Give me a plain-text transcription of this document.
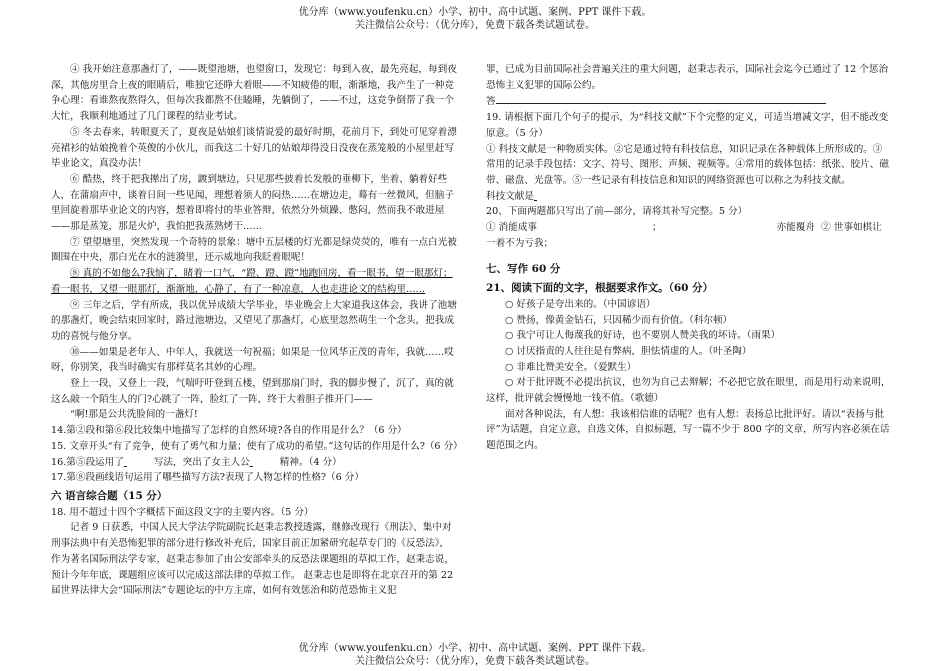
优分库（www.youfenku.cn）小学、初中、高中试题、案例、PPT 课件下载。
关注微信公众号：（优分库），免费下载各类试题试卷。

④ 我开始注意那盏灯了，——既望池塘，也望窗口，发现它：每到入夜，最先亮起，每到夜深，其他房里合上夜的眼睛后，唯独它还睁大着眼——不知疲倦的眼，渐渐地，我产生了一种竞争心理：看谁熬夜熬得久，但每次我都熬不住瞌睡，先躺倒了，——不过，这竞争倒帮了我一个大忙，我顺利地通过了几门课程的结业考试。

⑤ 冬去春来，转眼夏天了，夏夜是姑娘们谈情说爱的最好时期，花前月下，到处可见穿着漂亮裙衫的姑娘挽着个英俊的小伙儿，而我这二十好几的姑娘却得没日没夜在蒸笼般的小屋里赶写毕业论文，真没办法！

⑥ 酷热，终于把我撵出了房，踱到塘边，只见那些披着长发般的垂柳下，坐着、躺着好些人，在蒲扇声中，谈着日间一些见闻，理想着须人的闷热……在塘边走，蓦有一丝微风，但脑子里回旋着那毕业论文的内容，想着即将付的毕业答辩，依然分外烦躁、憋闷，然而我不敢进屋——那是蒸笼，那是火炉，我怕把我蒸熟烤干……

⑦ 望望塘里，突然发现一个奇特的景象：塘中五层楼的灯光都是绿荧荧的，唯有一点白光被圈围在中央，那白光在水的涟漪里，还示威地向我眨着眼呢！

⑧ 真的不如他么?我恼了，睹着一口气，“蹬、蹬、蹬”地跑回房，看一眼书，望一眼那灯；看一眼书，又望一眼那灯，渐渐地，心静了，有了一种凉意，人也走进论文的结构里……

⑨ 三年之后，学有所成，我以优异成绩大学毕业，毕业晚会上大家道我这体会，我讲了池塘的那盏灯，晚会结束回家时，路过池塘边，又望见了那盏灯，心底里忽然萌生一个念头，把我成功的喜悦与他分享。

⑩——如果是老年人、中年人，我就送一句祝福；如果是一位风华正茂的青年，我就……哎呀，你别笑，我当时确实有那样莫名其妙的心理。

登上一段，又登上一段，气喘吁吁登到五楼，望到那扇门时，我的脚步慢了，沉了，真的就这么敲一个陌生人的门?心跳了一阵，脸红了一阵，终于大着胆子推开门——

“啊!那是公共洗脸间的一盏灯!

14.第②段和第⑥段比较集中地描写了怎样的自然环境?各自的作用是什么？（6 分）

15. 文章开头“有了竞争，使有了勇气和力量；使有了成功的希望。”这句话的作用是什么?（6 分）

16.第⑤段运用了	写法，突出了女主人公	精神。（4 分）

17.第⑧段画线语句运用了哪些描写方法?表现了人物怎样的性格?（6 分）

六 语言综合题（15 分）

18. 用不超过十四个字概括下面这段文字的主要内容。（5 分）

记者 9 日获悉，中国人民大学法学院副院长赵秉志教授透露，继修改现行《刑法》、集中对刑事法典中有关恐怖犯罪的部分进行修改补充后，国家目前正加紧研究起草专门的《反恐法》，作为著名国际刑法学专家，赵秉志参加了由公安部牵头的反恐法课题组的草拟工作，赵秉志说，预计今年年底，课题组应该可以完成这部法律的草拟工作。 赵秉志也是即将在北京召开的第 22 届世界法律大会“国际刑法”专题论坛的中方主席，如何有效惩治和防范恐怖主义犯

罪，已成为目前国际社会普遍关注的重大问题，赵秉志表示，国际社会迄今已通过了 12 个惩治恐怖主义犯罪的国际公约。

答

19. 请根据下面几个句子的提示，为“科技文献”下个完整的定义，可适当增减文字，但不能改变原意。（5 分）

① 科技文献是一种物质实体。②它是通过特有科技信息，知识记录在各种载体上所形成的。③常用的记录手段包括：文字、符号、图形、声频、视频等。④常用的载体包括：纸张、胶片、磁带、磁盘、光盘等。⑤一些记录有科技信息和知识的网络资源也可以称之为科技文献。

科技文献是

20、下面两题都只写出了前—部分，请将其补写完整。5 分）

① 消能成事	；	亦能覆舟 ② 世事如棋让一着不为亏我；

七、写作 60 分

21、阅读下面的文字，根据要求作文。（60 分）

○ 好孩子是夸出来的。（中国谚语）

○ 赞扬，像黄金钻石，只因稀少而有价值。（科尔顿）

○ 我宁可让人侮蔑我的好诗，也不要别人赞美我的坏诗。（雨果）

○ 讨厌指责的人往往是有弊病，胆怯情虚的人。（叶圣陶）

○ 非难比赞美安全。（爱默生）

○ 对于批评既不必提出抗议，也勿为自己去辩解；不必把它放在眼里，而是用行动来说明，这样，批评就会慢慢地一钱不值。（歌德）

面对各种说法，有人想：我该相信谁的话呢？也有人想：表扬总比批评好。请以“表扬与批评”为话题，自定立意，自选文体，自拟标题，写一篇不少于 800 字的文章，所写内容必须在话题范围之内。

优分库（www.youfenku.cn）小学、初中、高中试题、案例、PPT 课件下载。
关注微信公众号：（优分库），免费下载各类试题试卷。
